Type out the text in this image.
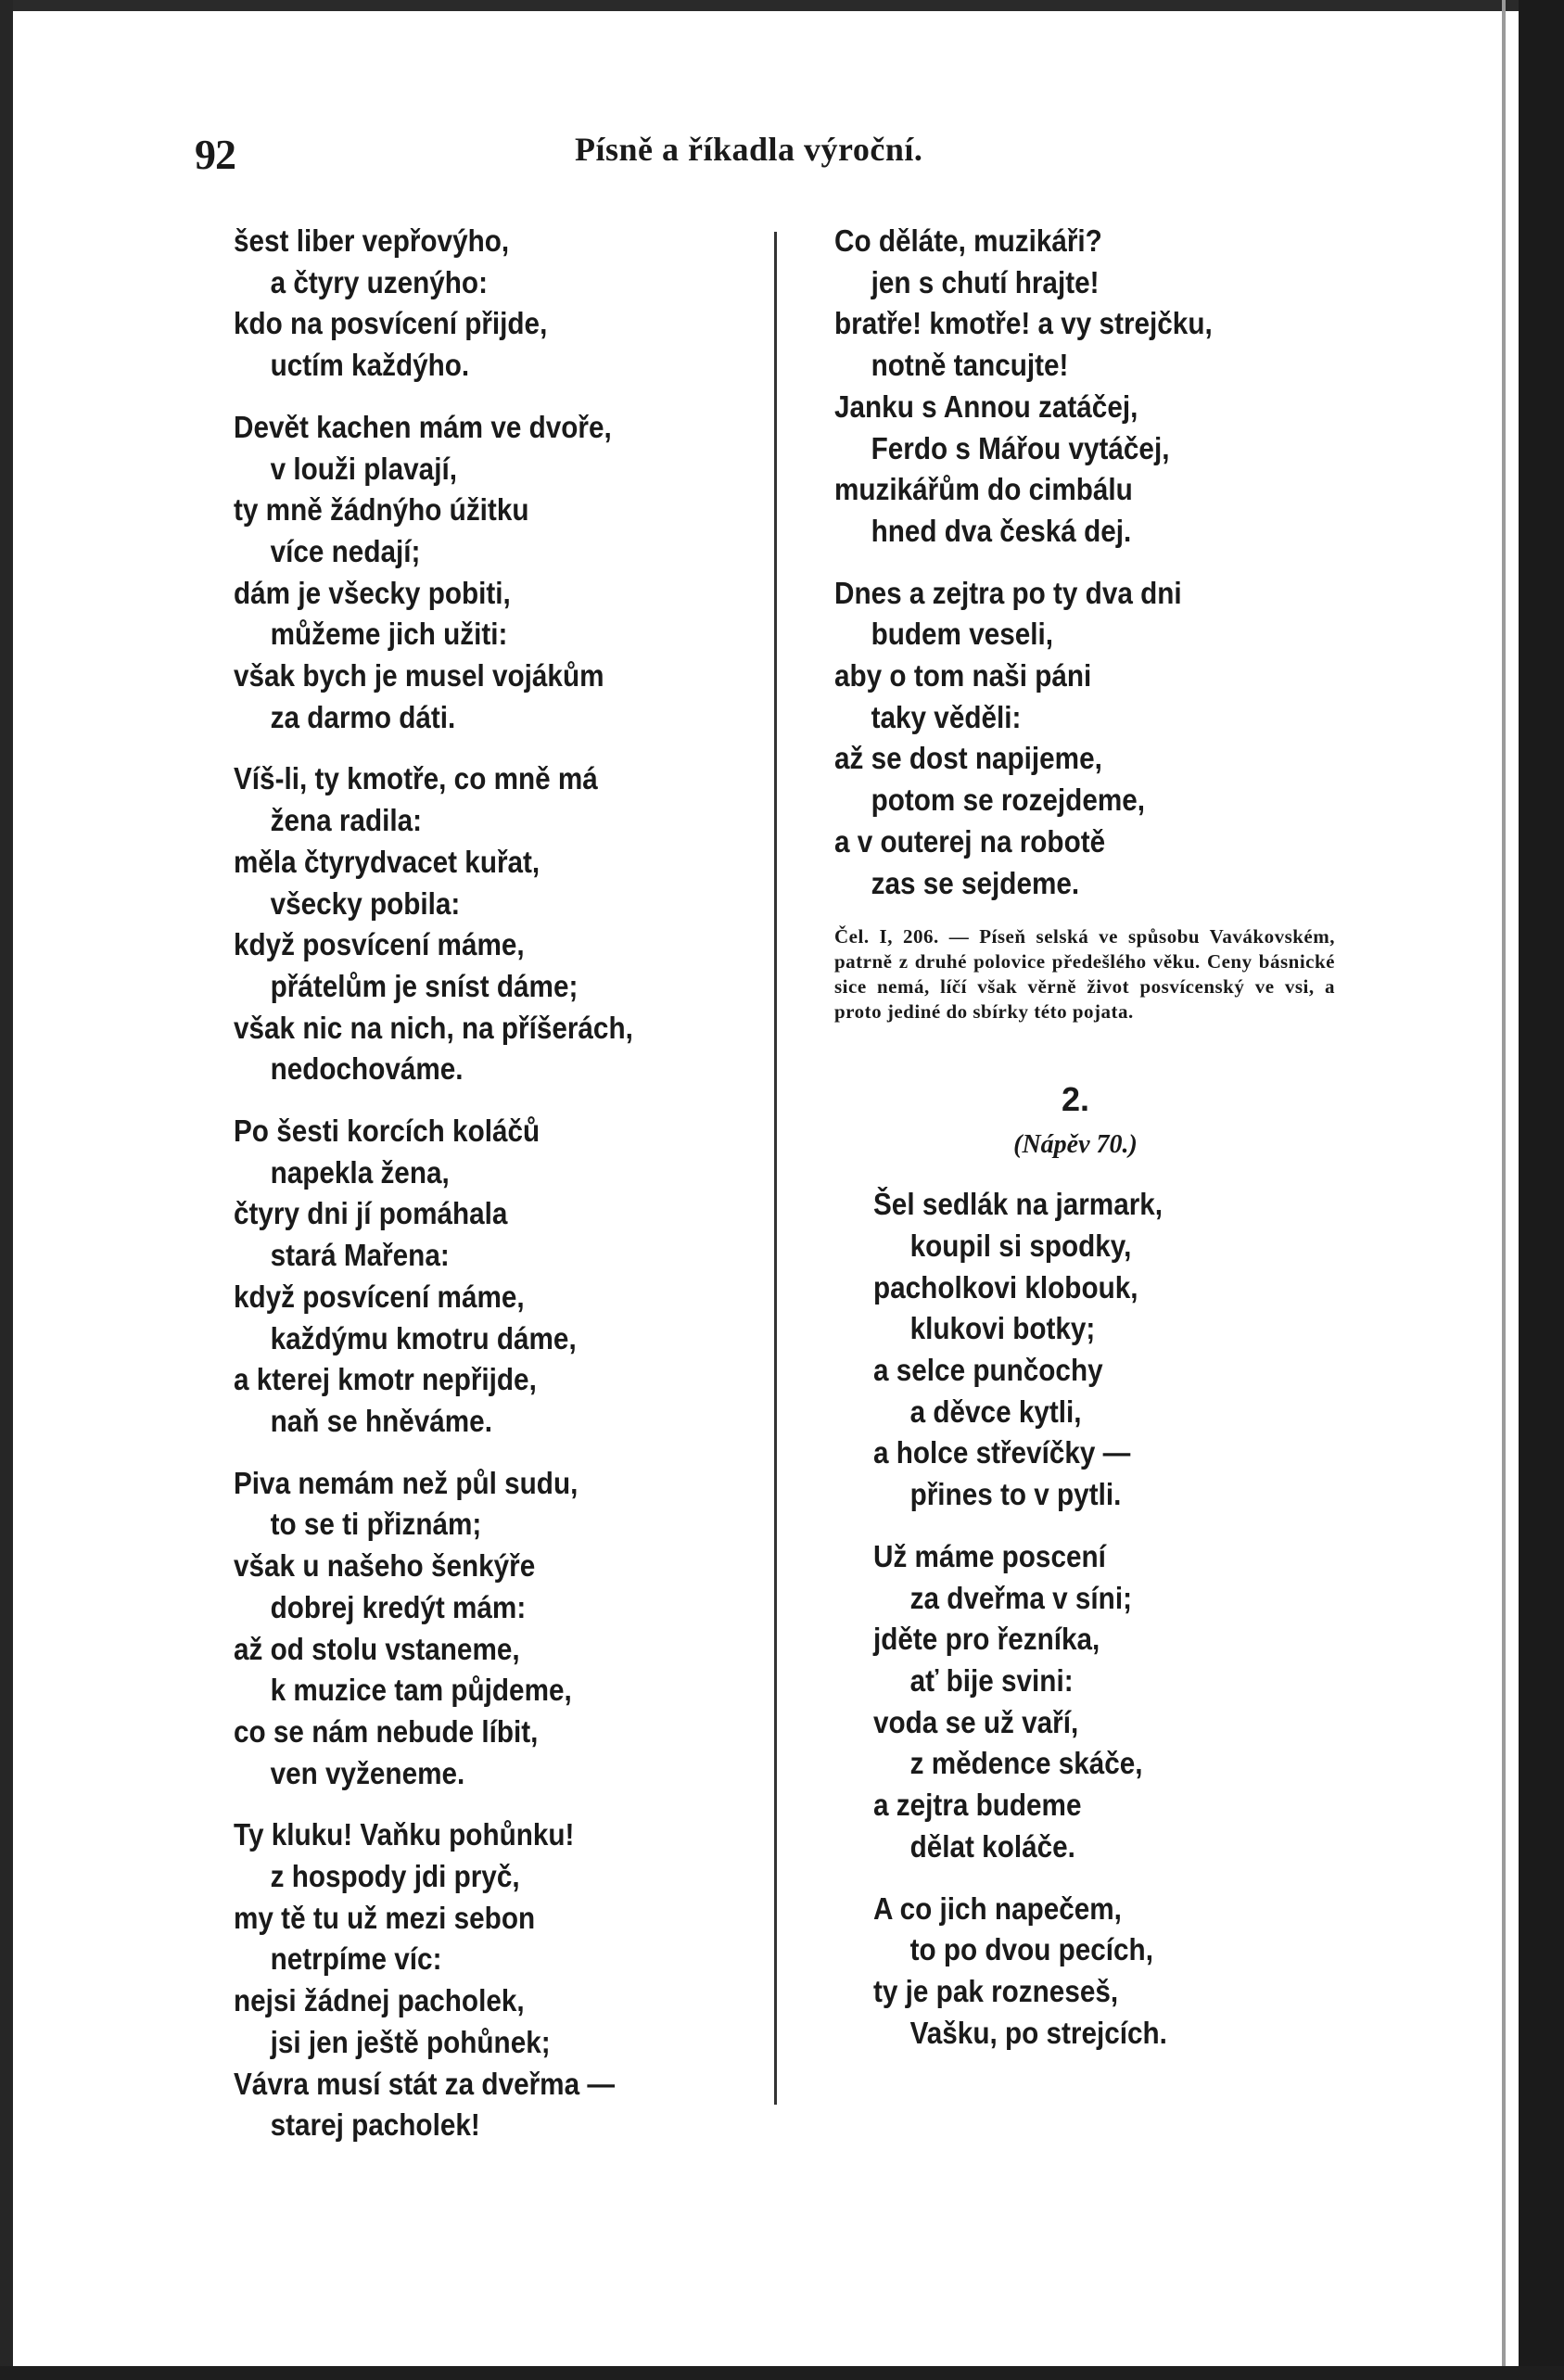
92	Písně a říkadla výroční.
šest liber vepřovýho,
a čtyry uzenýho:
kdo na posvícení přijde,
uctím každýho.
Devět kachen mám ve dvoře,
v louži plavají,
ty mně žádnýho úžitku
více nedají;
dám je všecky pobiti,
můžeme jich užiti:
však bych je musel vojákům
za darmo dáti.
Víš-li, ty kmotře, co mně má
žena radila:
měla čtyrydvacet kuřat,
všecky pobila:
když posvícení máme,
přátelům je sníst dáme;
však nic na nich, na příšerách,
nedochováme.
Po šesti korcích koláčů
napekla žena,
čtyry dni jí pomáhala
stará Mařena:
když posvícení máme,
každýmu kmotru dáme,
a kterej kmotr nepřijde,
naň se hněváme.
Piva nemám než půl sudu,
to se ti přiznám;
však u našeho šenkýře
dobrej kredýt mám:
až od stolu vstaneme,
k muzice tam půjdeme,
co se nám nebude líbit,
ven vyženeme.
Ty kluku! Vaňku pohůnku!
z hospody jdi pryč,
my tě tu už mezi sebon
netrpíme víc:
nejsi žádnej pacholek,
jsi jen ještě pohůnek;
Vávra musí stát za dveřma —
starej pacholek!
Co děláte, muzikáři?
jen s chutí hrajte!
bratře! kmotře! a vy strejčku,
notně tancujte!
Janku s Annou zatáčej,
Ferdo s Mářou vytáčej,
muzikářům do cimbálu
hned dva česká dej.
Dnes a zejtra po ty dva dni
budem veseli,
aby o tom naši páni
taky věděli:
až se dost napijeme,
potom se rozejdeme,
a v outerej na robotě
zas se sejdeme.
Čel. I, 206. — Píseň selská ve spůsobu Vavákovském, patrně z druhé polovice předešlého věku. Ceny básnické sice nemá, líčí však věrně život posvícenský ve vsi, a proto jediné do sbírky této pojata.
2.
(Nápěv 70.)
Šel sedlák na jarmark,
koupil si spodky,
pacholkovi klobouk,
klukovi botky;
a selce punčochy
a děvce kytli,
a holce střevíčky —
přines to v pytli.
Už máme poscení
za dveřma v síni;
jděte pro řezníka,
ať bije svini:
voda se už vaří,
z mědence skáče,
a zejtra budeme
dělat koláče.
A co jich napečem,
to po dvou pecích,
ty je pak rozneseš,
Vašku, po strejcích.
